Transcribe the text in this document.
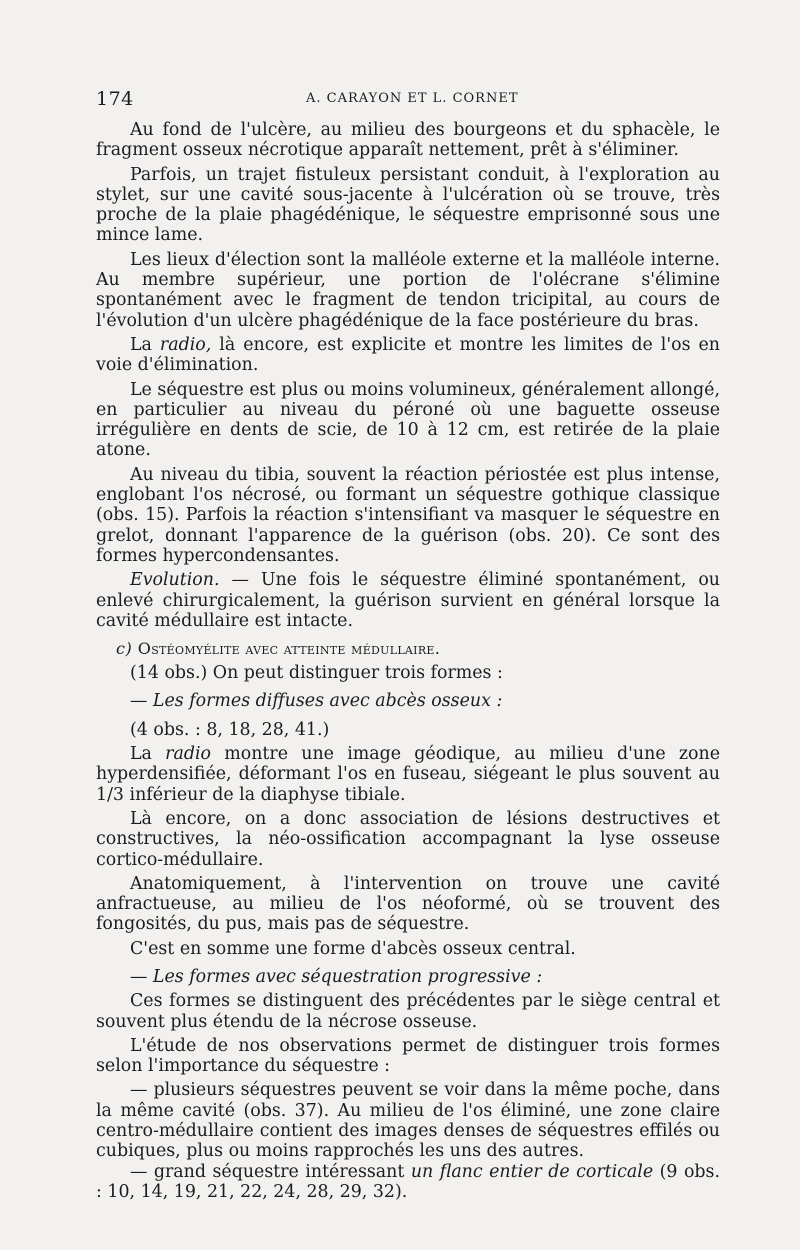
174	A. CARAYON ET L. CORNET

Au fond de l'ulcère, au milieu des bourgeons et du sphacèle, le fragment osseux nécrotique apparaît nettement, prêt à s'éliminer.

Parfois, un trajet fistuleux persistant conduit, à l'exploration au stylet, sur une cavité sous-jacente à l'ulcération où se trouve, très proche de la plaie phagédénique, le séquestre emprisonné sous une mince lame.

Les lieux d'élection sont la malléole externe et la malléole interne. Au membre supérieur, une portion de l'olécrane s'élimine spontanément avec le fragment de tendon tricipital, au cours de l'évolution d'un ulcère phagédénique de la face postérieure du bras.

La radio, là encore, est explicite et montre les limites de l'os en voie d'élimination.

Le séquestre est plus ou moins volumineux, généralement allongé, en particulier au niveau du péroné où une baguette osseuse irrégulière en dents de scie, de 10 à 12 cm, est retirée de la plaie atone.

Au niveau du tibia, souvent la réaction périostée est plus intense, englobant l'os nécrosé, ou formant un séquestre gothique classique (obs. 15). Parfois la réaction s'intensifiant va masquer le séquestre en grelot, donnant l'apparence de la guérison (obs. 20). Ce sont des formes hypercondensantes.

Evolution. — Une fois le séquestre éliminé spontanément, ou enlevé chirurgicalement, la guérison survient en général lorsque la cavité médullaire est intacte.

c) Ostéomyélite avec atteinte médullaire.

(14 obs.) On peut distinguer trois formes :

— Les formes diffuses avec abcès osseux :

(4 obs. : 8, 18, 28, 41.)

La radio montre une image géodique, au milieu d'une zone hyperdensifiée, déformant l'os en fuseau, siégeant le plus souvent au 1/3 inférieur de la diaphyse tibiale.

Là encore, on a donc association de lésions destructives et constructives, la néo-ossification accompagnant la lyse osseuse cortico-médullaire.

Anatomiquement, à l'intervention on trouve une cavité anfractueuse, au milieu de l'os néoformé, où se trouvent des fongosités, du pus, mais pas de séquestre.

C'est en somme une forme d'abcès osseux central.

— Les formes avec séquestration progressive :

Ces formes se distinguent des précédentes par le siège central et souvent plus étendu de la nécrose osseuse.

L'étude de nos observations permet de distinguer trois formes selon l'importance du séquestre :

— plusieurs séquestres peuvent se voir dans la même poche, dans la même cavité (obs. 37). Au milieu de l'os éliminé, une zone claire centro-médullaire contient des images denses de séquestres effilés ou cubiques, plus ou moins rapprochés les uns des autres.

— grand séquestre intéressant un flanc entier de corticale (9 obs. : 10, 14, 19, 21, 22, 24, 28, 29, 32).
